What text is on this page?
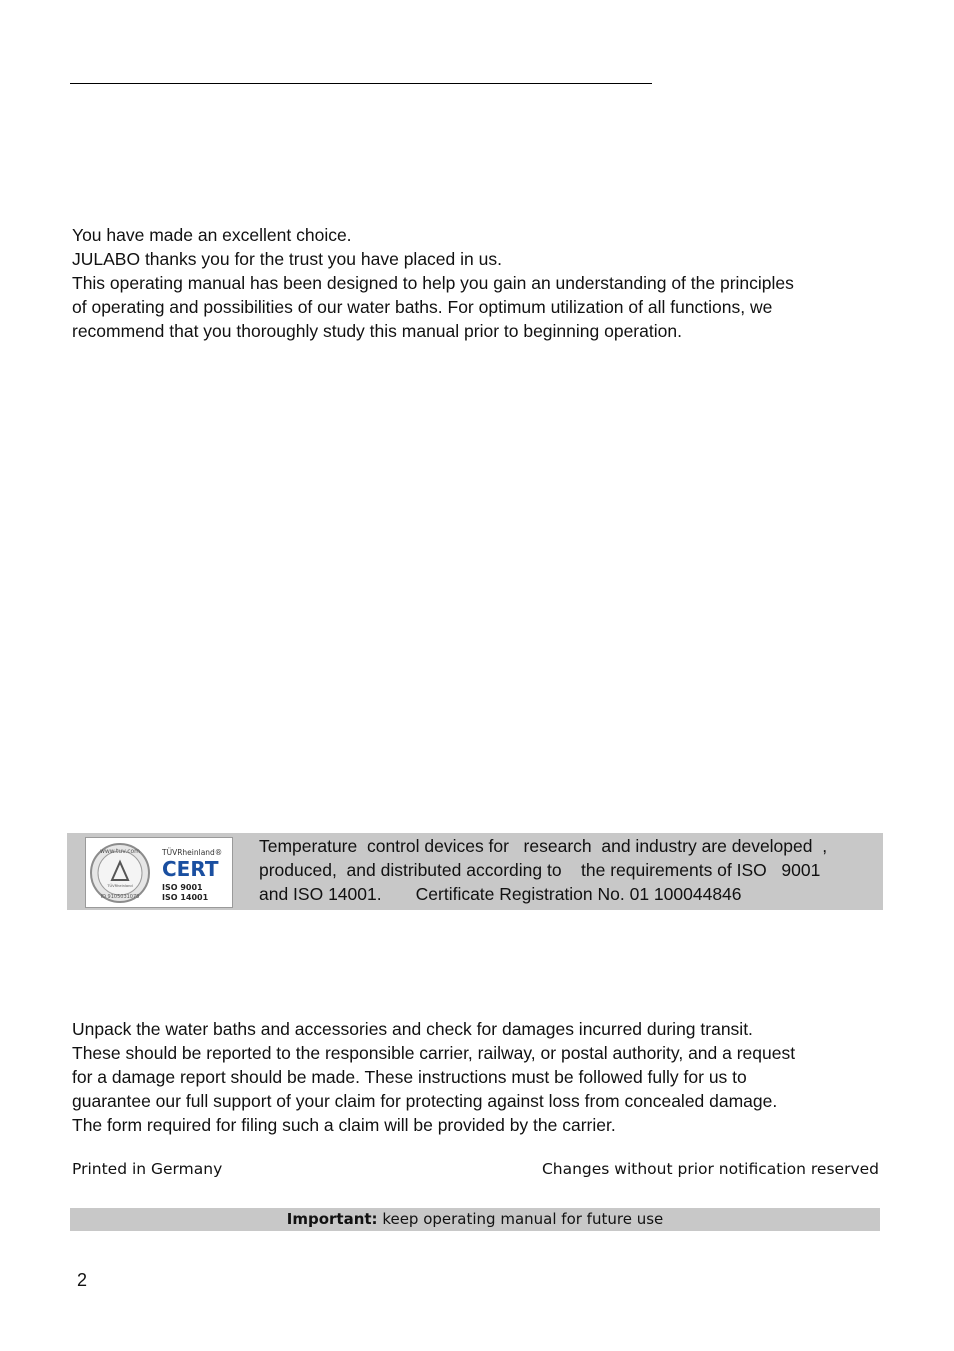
You have made an excellent choice.
JULABO thanks you for the trust you have placed in us.
This operating manual has been designed to help you gain an understanding of the principles
of operating and possibilities of our water baths. For optimum utilization of all functions, we
recommend that you thoroughly study this manual prior to beginning operation.
www.tuv.com
TÜVRheinland
ID 9105031078
TÜVRheinland®
CERT
ISO 9001
ISO 14001
Temperature  control devices for   research  and industry are developed  ,
produced,  and distributed according to    the requirements of ISO   9001
and ISO 14001.       Certificate Registration No. 01 100044846
Unpack the water baths and accessories and check for damages incurred during transit.
These should be reported to the responsible carrier, railway, or postal authority, and a request
for a damage report should be made. These instructions must be followed fully for us to
guarantee our full support of your claim for protecting against loss from concealed damage.
The form required for filing such a claim will be provided by the carrier.
Printed in Germany	Changes without prior notification reserved
Important: keep operating manual for future use
2
